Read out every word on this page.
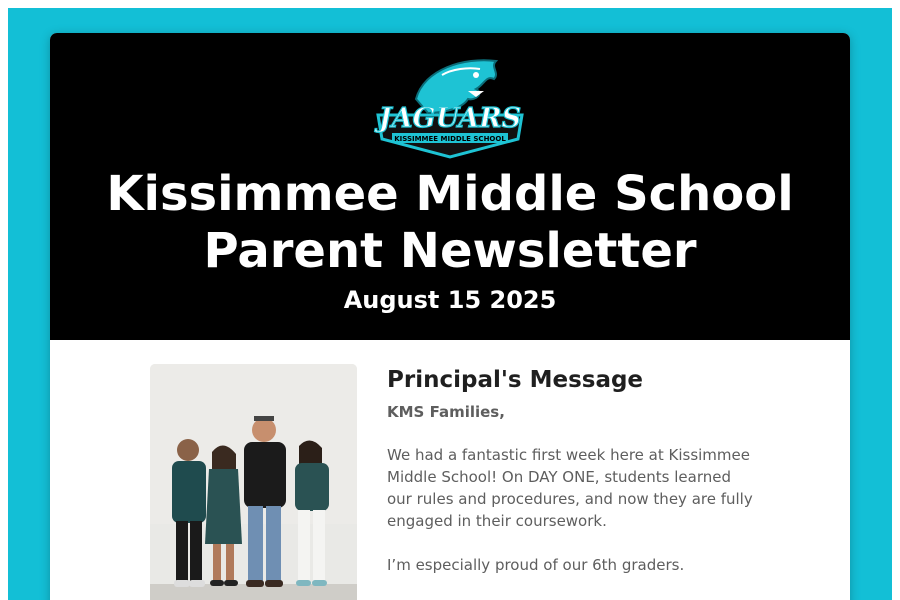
JAGUARS
KISSIMMEE MIDDLE SCHOOL
Kissimmee Middle School
Parent Newsletter
August 15 2025
Principal's Message

KMS Families,

We had a fantastic first week here at Kissimmee Middle School! On DAY ONE, students learned our rules and procedures, and now they are fully engaged in their coursework.

I’m especially proud of our 6th graders.
